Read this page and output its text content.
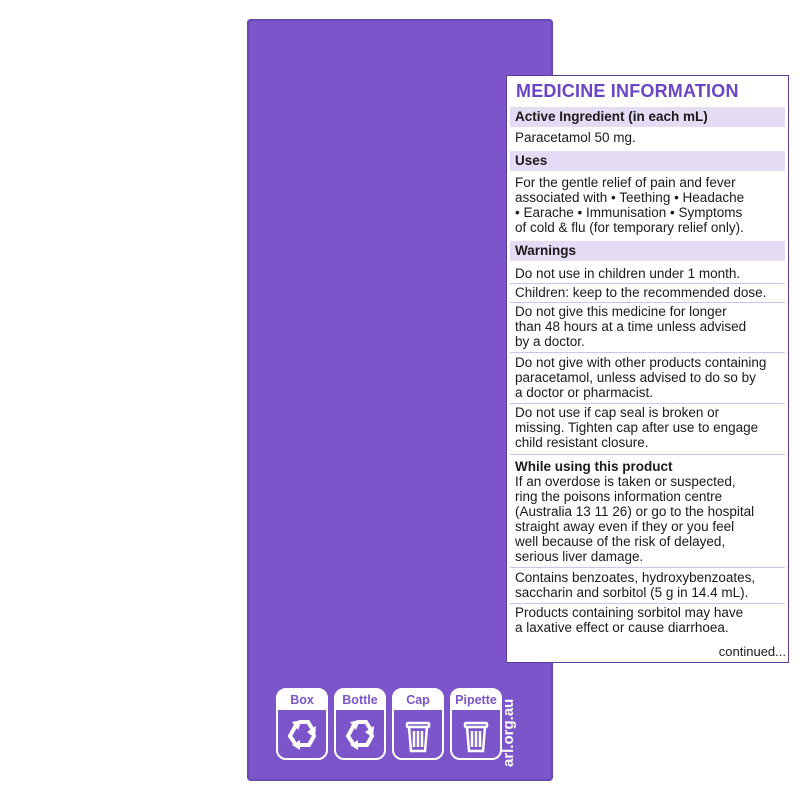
MEDICINE INFORMATION
Active Ingredient (in each mL)
Paracetamol 50 mg.
Uses
For the gentle relief of pain and fever
associated with • Teething • Headache
• Earache • Immunisation • Symptoms
of cold & flu (for temporary relief only).
Warnings
Do not use in children under 1 month.
Children: keep to the recommended dose.
Do not give this medicine for longer
than 48 hours at a time unless advised
by a doctor.
Do not give with other products containing
paracetamol, unless advised to do so by
a doctor or pharmacist.
Do not use if cap seal is broken or
missing. Tighten cap after use to engage
child resistant closure.
While using this product
If an overdose is taken or suspected,
ring the poisons information centre
(Australia 13 11 26) or go to the hospital
straight away even if they or you feel
well because of the risk of delayed,
serious liver damage.
Contains benzoates, hydroxybenzoates,
saccharin and sorbitol (5 g in 14.4 mL).
Products containing sorbitol may have
a laxative effect or cause diarrhoea.
continued...
Box	Bottle	Cap	Pipette arl.org.au
